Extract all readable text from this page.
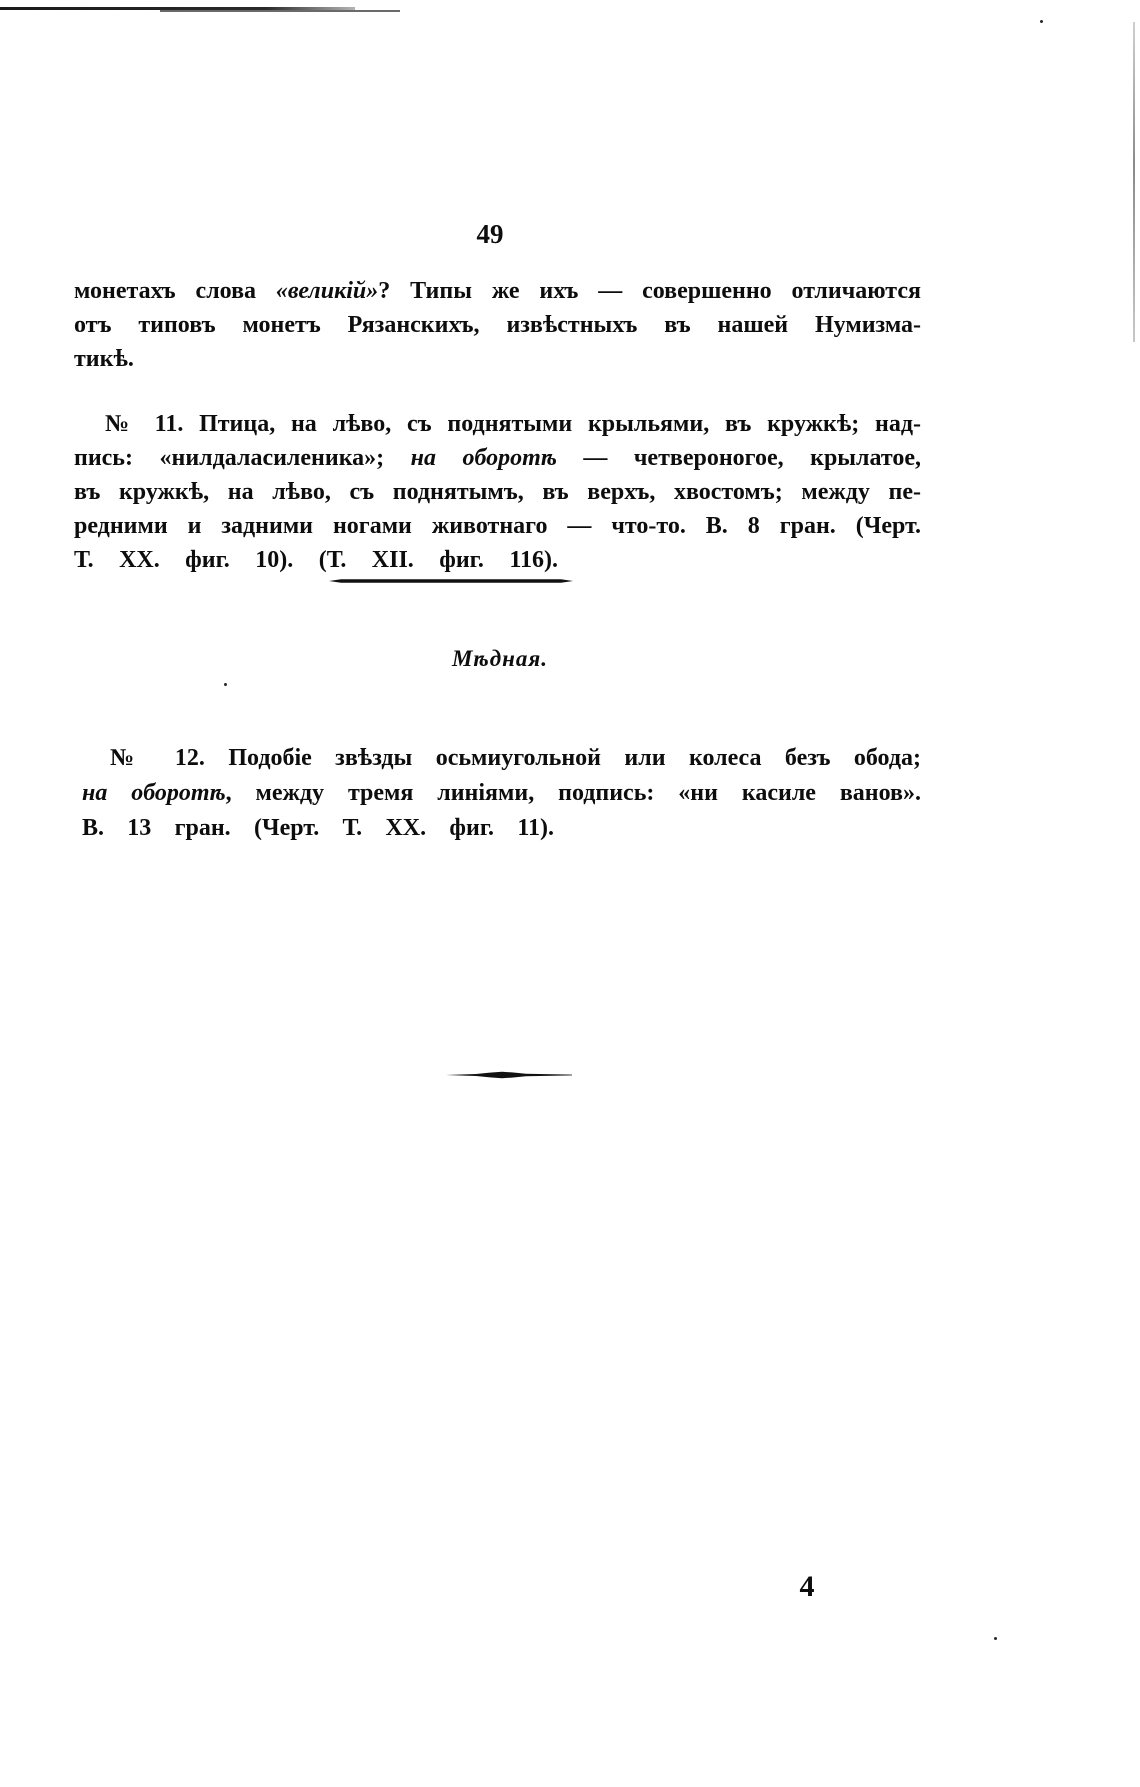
49
монетахъ слова «великій»? Типы же ихъ — совершенно отличаются
отъ типовъ монетъ Рязанскихъ, извѣстныхъ въ нашей Нумизма-
тикѣ.
№ 11. Птица, на лѣво, съ поднятыми крыльями, въ кружкѣ; над-
пись: «нилдаласиленика»; на оборотѣ — четвероногое, крылатое,
въ кружкѣ, на лѣво, съ поднятымъ, въ верхъ, хвостомъ; между пе-
редними и задними ногами животнаго — что-то. В. 8 гран. (Черт.
Т. XX. фиг. 10). (Т. XII. фиг. 116).
Мѣдная.
№ 12. Подобіе звѣзды осьмиугольной или колеса безъ обода;
на оборотѣ, между тремя линіями, подпись: «ни касиле ванов».
В. 13 гран. (Черт. Т. XX. фиг. 11).
4
